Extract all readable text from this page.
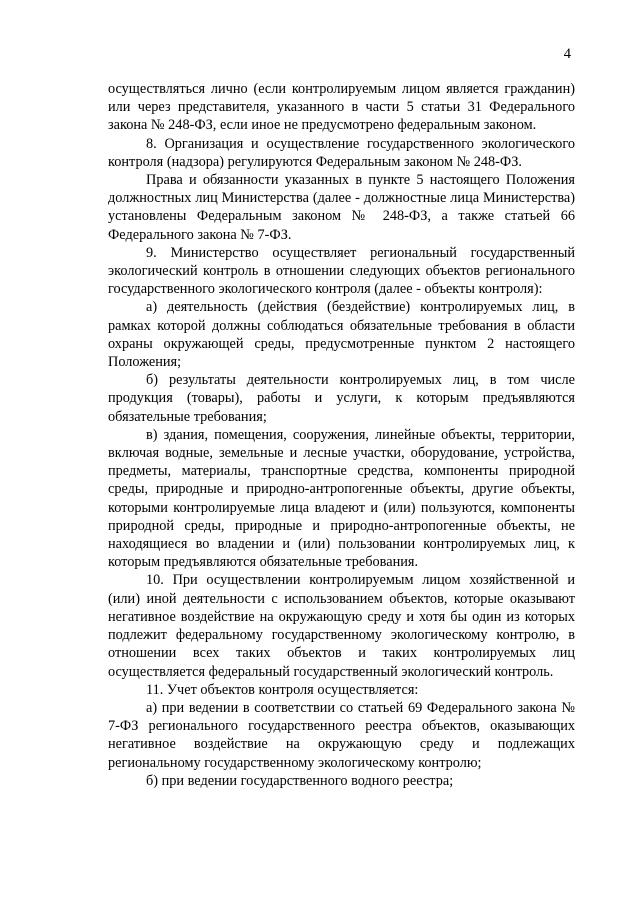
4

осуществляться лично (если контролируемым лицом является гражданин) или через представителя, указанного в части 5 статьи 31 Федерального закона № 248-ФЗ, если иное не предусмотрено федеральным законом.

8. Организация и осуществление государственного экологического контроля (надзора) регулируются Федеральным законом № 248-ФЗ.

Права и обязанности указанных в пункте 5 настоящего Положения должностных лиц Министерства (далее - должностные лица Министерства) установлены Федеральным законом № 248-ФЗ, а также статьей 66 Федерального закона № 7-ФЗ.

9. Министерство осуществляет региональный государственный экологический контроль в отношении следующих объектов регионального государственного экологического контроля (далее - объекты контроля):

а) деятельность (действия (бездействие) контролируемых лиц, в рамках которой должны соблюдаться обязательные требования в области охраны окружающей среды, предусмотренные пунктом 2 настоящего Положения;

б) результаты деятельности контролируемых лиц, в том числе продукция (товары), работы и услуги, к которым предъявляются обязательные требования;

в) здания, помещения, сооружения, линейные объекты, территории, включая водные, земельные и лесные участки, оборудование, устройства, предметы, материалы, транспортные средства, компоненты природной среды, природные и природно-антропогенные объекты, другие объекты, которыми контролируемые лица владеют и (или) пользуются, компоненты природной среды, природные и природно-антропогенные объекты, не находящиеся во владении и (или) пользовании контролируемых лиц, к которым предъявляются обязательные требования.

10. При осуществлении контролируемым лицом хозяйственной и (или) иной деятельности с использованием объектов, которые оказывают негативное воздействие на окружающую среду и хотя бы один из которых подлежит федеральному государственному экологическому контролю, в отношении всех таких объектов и таких контролируемых лиц осуществляется федеральный государственный экологический контроль.

11. Учет объектов контроля осуществляется:

а) при ведении в соответствии со статьей 69 Федерального закона № 7-ФЗ регионального государственного реестра объектов, оказывающих негативное воздействие на окружающую среду и подлежащих региональному государственному экологическому контролю;

б) при ведении государственного водного реестра;
